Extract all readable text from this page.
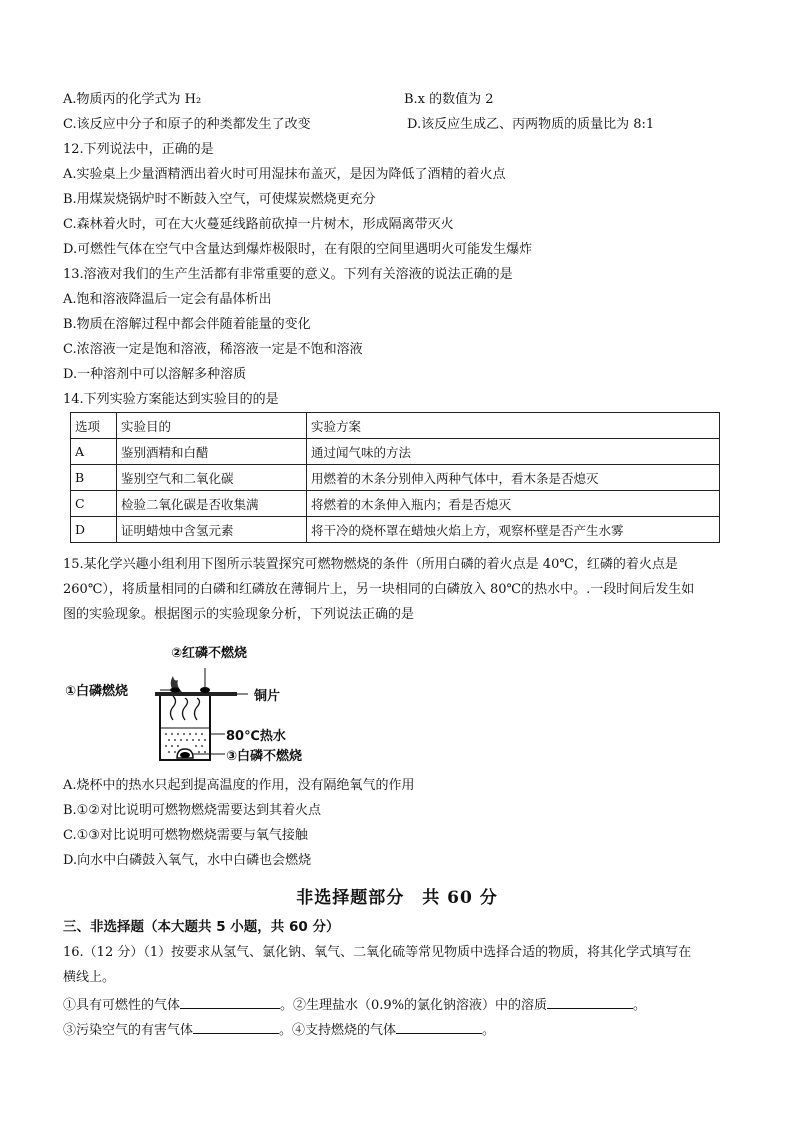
A.物质丙的化学式为 H₂	B.x 的数值为 2
C.该反应中分子和原子的种类都发生了改变	D.该反应生成乙、丙两物质的质量比为 8:1
12.下列说法中，正确的是
A.实验桌上少量酒精洒出着火时可用湿抹布盖灭，是因为降低了酒精的着火点
B.用煤炭烧锅炉时不断鼓入空气，可使煤炭燃烧更充分
C.森林着火时，可在大火蔓延线路前砍掉一片树木，形成隔离带灭火
D.可燃性气体在空气中含量达到爆炸极限时，在有限的空间里遇明火可能发生爆炸
13.溶液对我们的生产生活都有非常重要的意义。下列有关溶液的说法正确的是
A.饱和溶液降温后一定会有晶体析出
B.物质在溶解过程中都会伴随着能量的变化
C.浓溶液一定是饱和溶液，稀溶液一定是不饱和溶液
D.一种溶剂中可以溶解多种溶质
14.下列实验方案能达到实验目的的是
选项	实验目的	实验方案
A	鉴别酒精和白醋	通过闻气味的方法
B	鉴别空气和二氧化碳	用燃着的木条分别伸入两种气体中，看木条是否熄灭
C	检验二氧化碳是否收集满	将燃着的木条伸入瓶内；看是否熄灭
D	证明蜡烛中含氢元素	将干冷的烧杯罩在蜡烛火焰上方，观察杯壁是否产生水雾
15.某化学兴趣小组利用下图所示装置探究可燃物燃烧的条件（所用白磷的着火点是 40℃，红磷的着火点是
260℃），将质量相同的白磷和红磷放在薄铜片上，另一块相同的白磷放入 80℃的热水中。.一段时间后发生如
图的实验现象。根据图示的实验现象分析，下列说法正确的是
②红磷不燃烧
①白磷燃烧	铜片
80℃热水
③白磷不燃烧
A.烧杯中的热水只起到提高温度的作用，没有隔绝氧气的作用
B.①②对比说明可燃物燃烧需要达到其着火点
C.①③对比说明可燃物燃烧需要与氧气接触
D.向水中白磷鼓入氧气，水中白磷也会燃烧
非选择题部分　共 60 分
三、非选择题（本大题共 5 小题，共 60 分）
16.（12 分）（1）按要求从氢气、氯化钠、氧气、二氧化硫等常见物质中选择合适的物质，将其化学式填写在
横线上。
①具有可燃性的气体	。②生理盐水（0.9%的氯化钠溶液）中的溶质	。
③污染空气的有害气体	。④支持燃烧的气体	。
